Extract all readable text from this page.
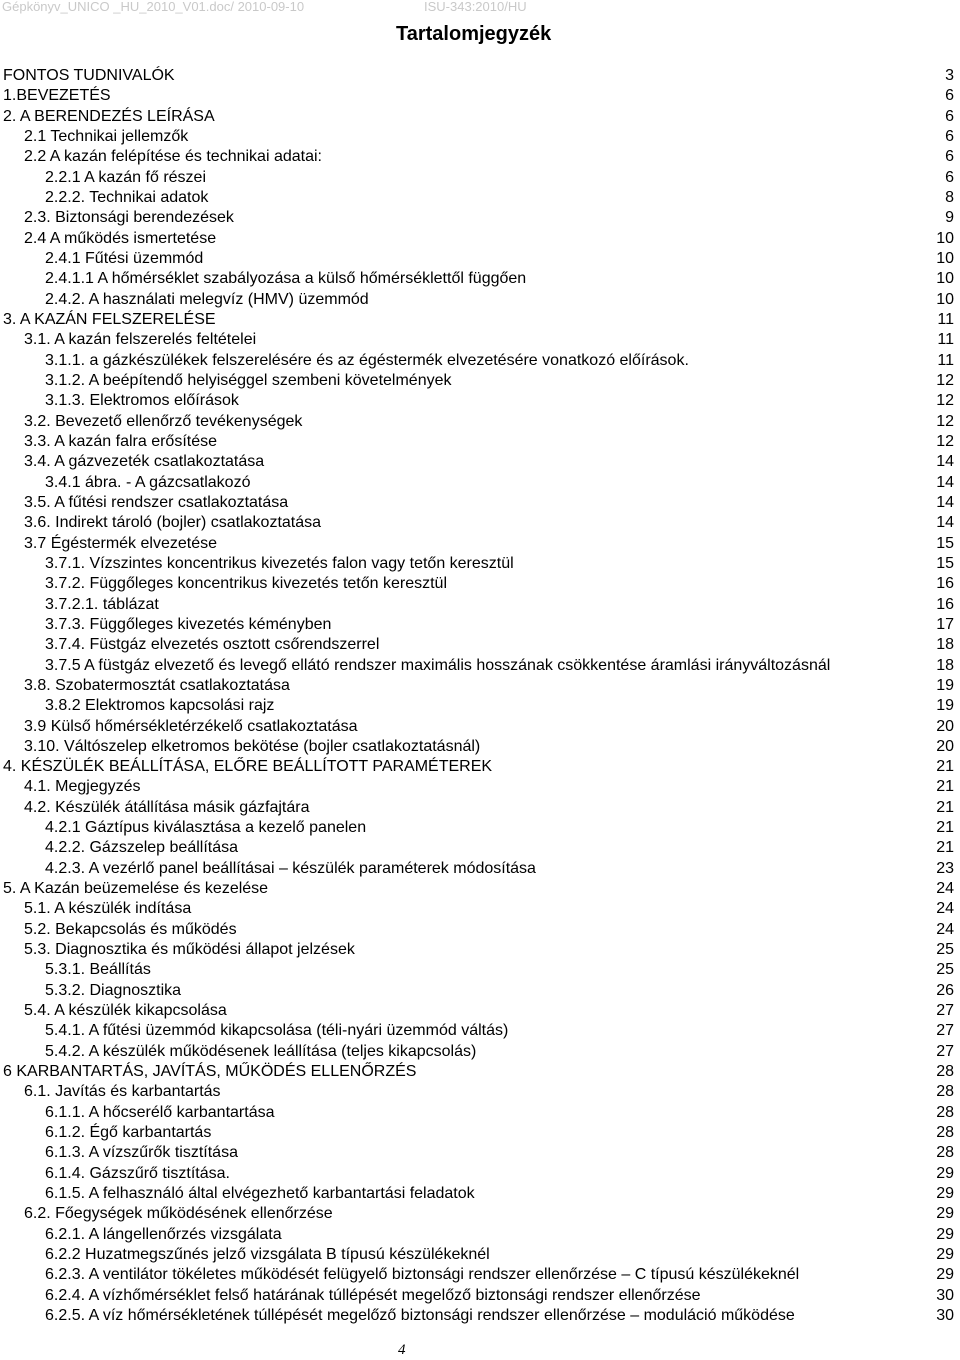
Gépkönyv_UNICO _HU_2010_V01.doc/ 2010-09-10	ISU-343:2010/HU
Tartalomjegyzék
FONTOS TUDNIVALÓK	3
1.BEVEZETÉS	6
2. A BERENDEZÉS LEÍRÁSA	6
2.1 Technikai jellemzők	6
2.2 A kazán felépítése és technikai adatai:	6
2.2.1 A kazán fő részei	6
2.2.2. Technikai adatok	8
2.3. Biztonsági berendezések	9
2.4 A működés ismertetése	10
2.4.1 Fűtési üzemmód	10
2.4.1.1 A hőmérséklet szabályozása a külső hőmérséklettől függően	10
2.4.2. A használati melegvíz (HMV) üzemmód	10
3. A KAZÁN FELSZERELÉSE	11
3.1. A kazán felszerelés feltételei	11
3.1.1. a gázkészülékek felszerelésére és az égéstermék elvezetésére vonatkozó előírások.	11
3.1.2. A beépítendő helyiséggel szembeni követelmények	12
3.1.3. Elektromos előírások	12
3.2. Bevezető ellenőrző tevékenységek	12
3.3. A kazán falra erősítése	12
3.4. A gázvezeték csatlakoztatása	14
3.4.1 ábra. - A gázcsatlakozó	14
3.5. A fűtési rendszer csatlakoztatása	14
3.6. Indirekt tároló (bojler) csatlakoztatása	14
3.7 Égéstermék elvezetése	15
3.7.1. Vízszintes koncentrikus kivezetés falon vagy tetőn keresztül	15
3.7.2. Függőleges koncentrikus kivezetés tetőn keresztül	16
3.7.2.1. táblázat	16
3.7.3. Függőleges kivezetés kéményben	17
3.7.4. Füstgáz elvezetés osztott csőrendszerrel	18
3.7.5 A füstgáz elvezető és levegő ellátó rendszer maximális hosszának csökkentése áramlási irányváltozásnál	18
3.8. Szobatermosztát csatlakoztatása	19
3.8.2 Elektromos kapcsolási rajz	19
3.9 Külső hőmérsékletérzékelő csatlakoztatása	20
3.10. Váltószelep elketromos bekötése (bojler csatlakoztatásnál)	20
4. KÉSZÜLÉK BEÁLLÍTÁSA, ELŐRE BEÁLLÍTOTT PARAMÉTEREK	21
4.1. Megjegyzés	21
4.2. Készülék átállítása másik gázfajtára	21
4.2.1 Gáztípus kiválasztása a kezelő panelen	21
4.2.2. Gázszelep beállítása	21
4.2.3. A vezérlő panel beállításai – készülék paraméterek módosítása	23
5. A Kazán beüzemelése és kezelése	24
5.1. A készülék indítása	24
5.2. Bekapcsolás és működés	24
5.3. Diagnosztika és működési állapot jelzések	25
5.3.1. Beállítás	25
5.3.2. Diagnosztika	26
5.4. A készülék kikapcsolása	27
5.4.1. A fűtési üzemmód kikapcsolása (téli-nyári üzemmód váltás)	27
5.4.2. A készülék működésenek leállítása (teljes kikapcsolás)	27
6 KARBANTARTÁS, JAVÍTÁS, MŰKÖDÉS ELLENŐRZÉS	28
6.1. Javítás és karbantartás	28
6.1.1. A hőcserélő karbantartása	28
6.1.2. Égő karbantartás	28
6.1.3. A vízszűrők tisztítása	28
6.1.4. Gázszűrő tisztítása.	29
6.1.5. A felhasználó által elvégezhető karbantartási feladatok	29
6.2. Főegységek működésének ellenőrzése	29
6.2.1. A lángellenőrzés vizsgálata	29
6.2.2 Huzatmegszűnés jelző vizsgálata B típusú készülékeknél	29
6.2.3. A ventilátor tökéletes működését felügyelő biztonsági rendszer ellenőrzése – C típusú készülékeknél	29
6.2.4. A vízhőmérséklet felső határának túllépését megelőző biztonsági rendszer ellenőrzése	30
6.2.5. A víz hőmérsékletének túllépését megelőző biztonsági rendszer ellenőrzése – moduláció működése	30
4
